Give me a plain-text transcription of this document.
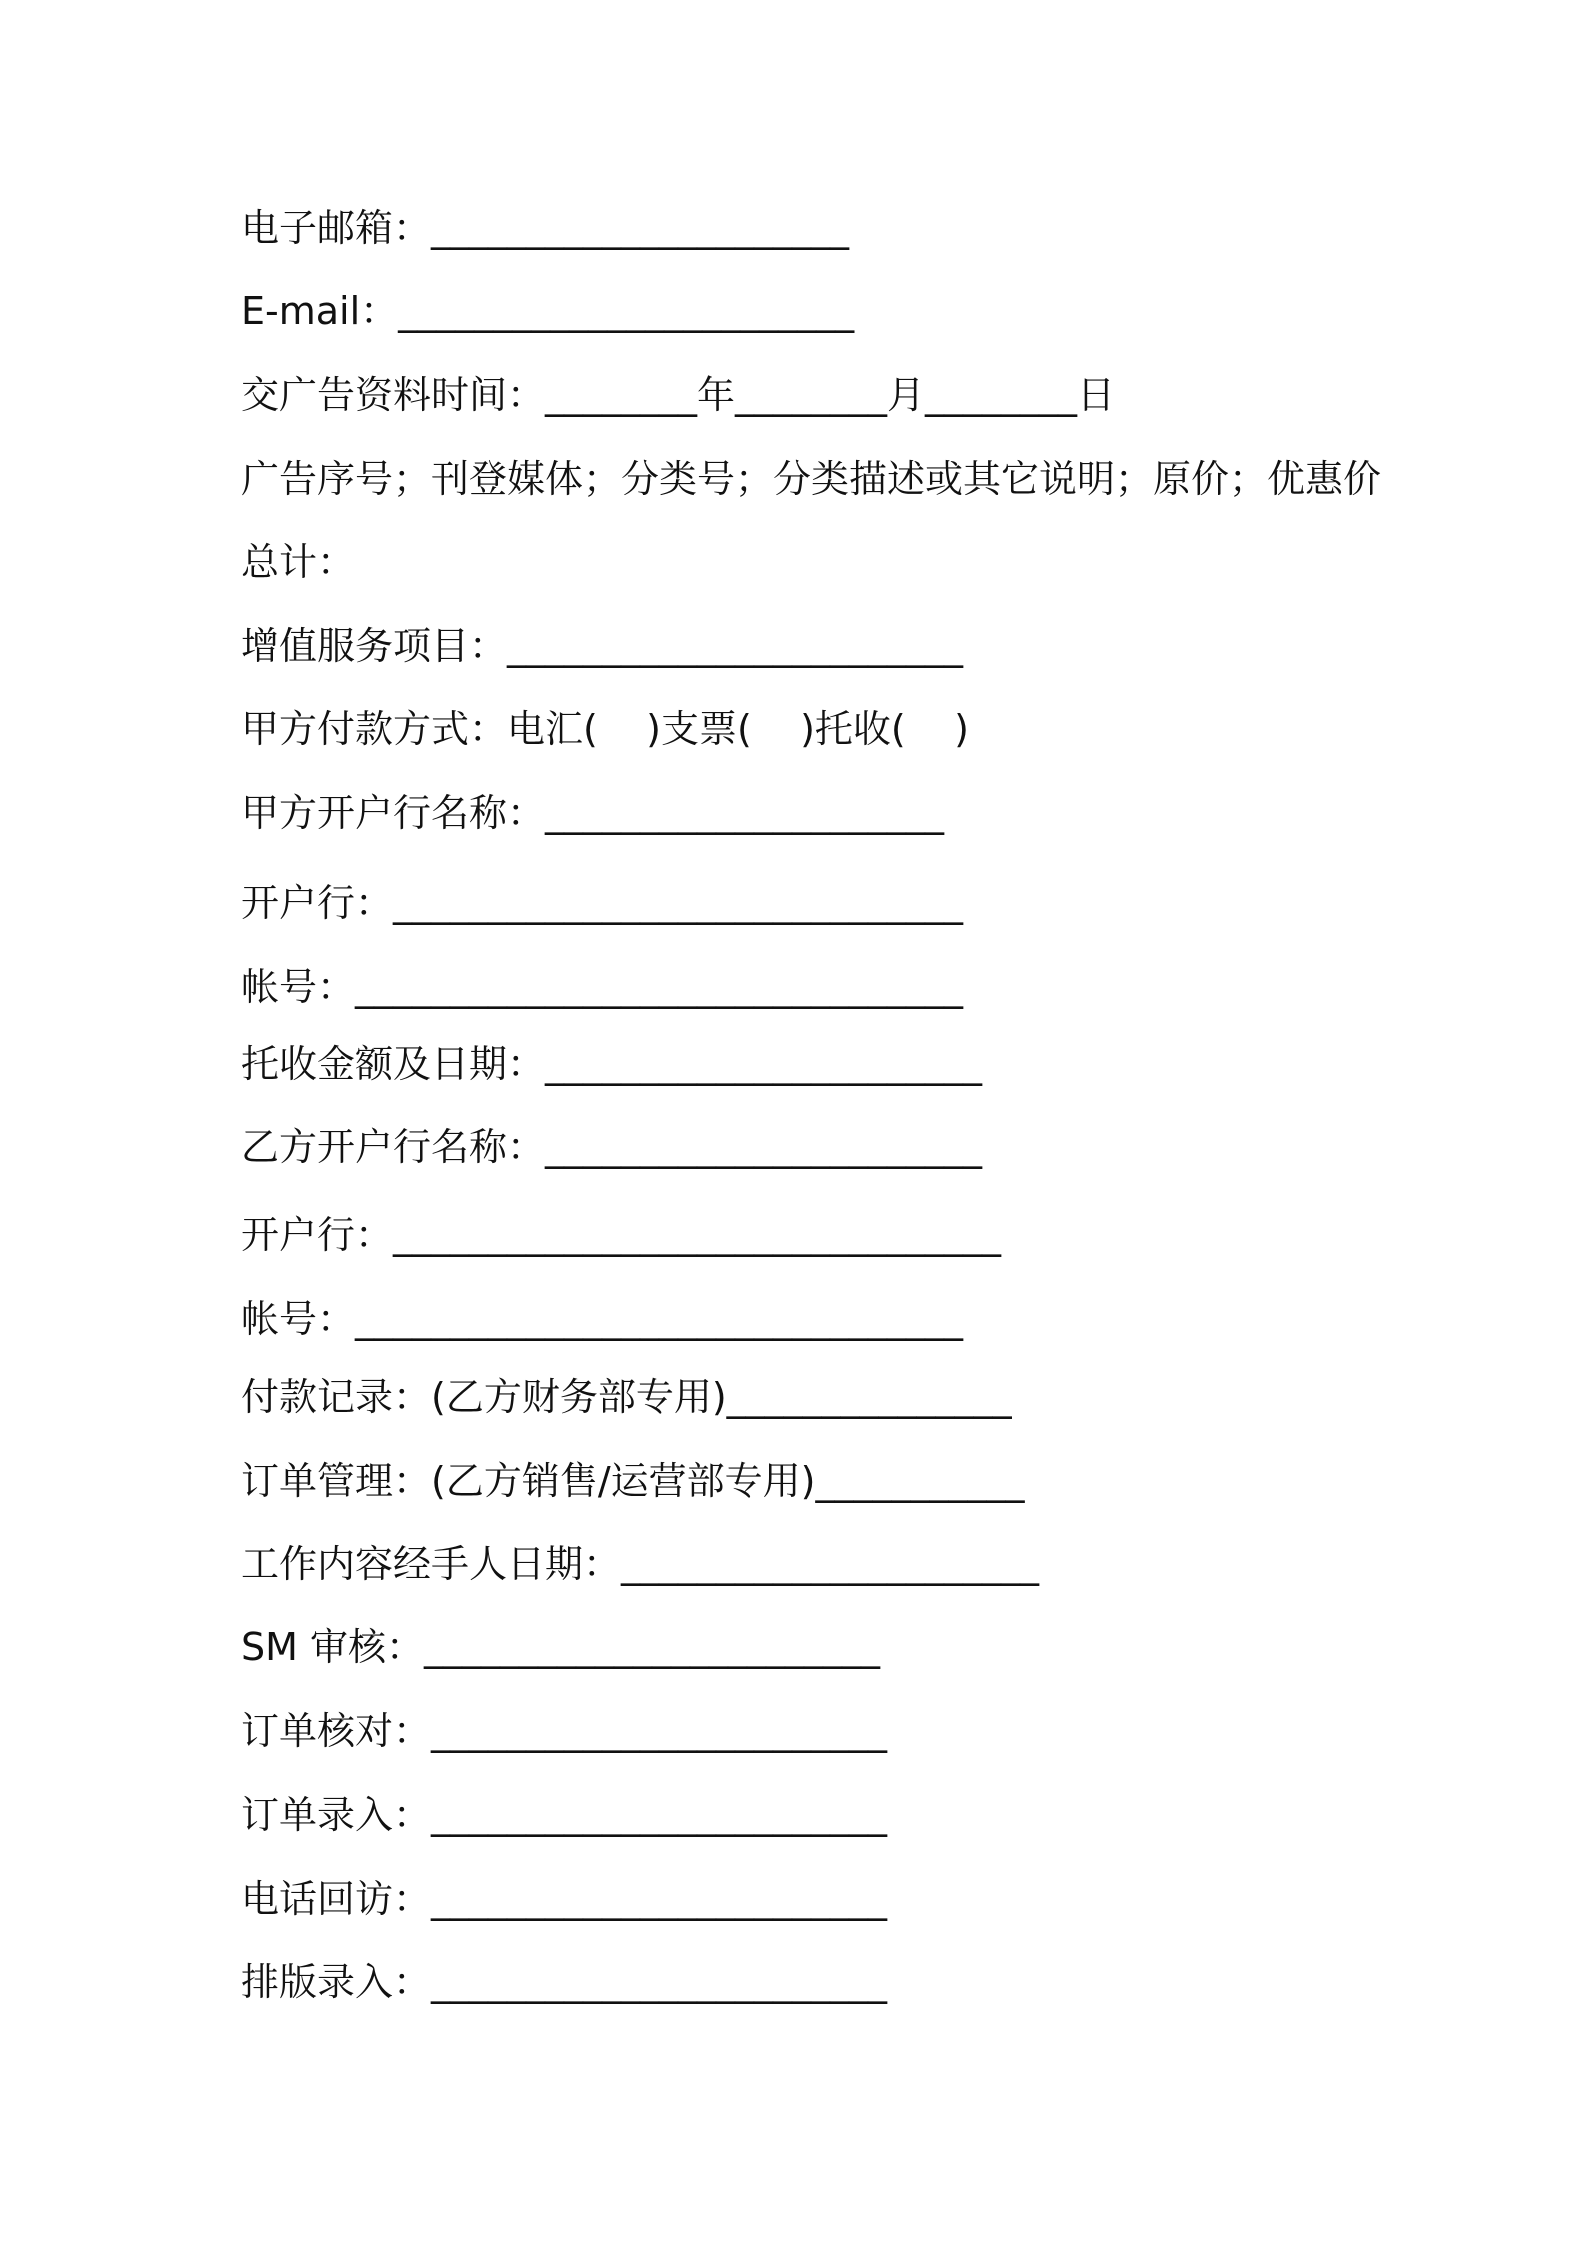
电子邮箱：______________________
E-mail：________________________
交广告资料时间：________年________月________日
广告序号；刊登媒体；分类号；分类描述或其它说明；原价；优惠价
总计：
增值服务项目：________________________
甲方付款方式：电汇(    )支票(    )托收(    )
甲方开户行名称：_____________________
开户行：______________________________
帐号：________________________________
托收金额及日期：_______________________
乙方开户行名称：_______________________
开户行：________________________________
帐号：________________________________
付款记录：(乙方财务部专用)_______________
订单管理：(乙方销售/运营部专用)___________
工作内容经手人日期：______________________
SM 审核：________________________
订单核对：________________________
订单录入：________________________
电话回访：________________________
排版录入：________________________
